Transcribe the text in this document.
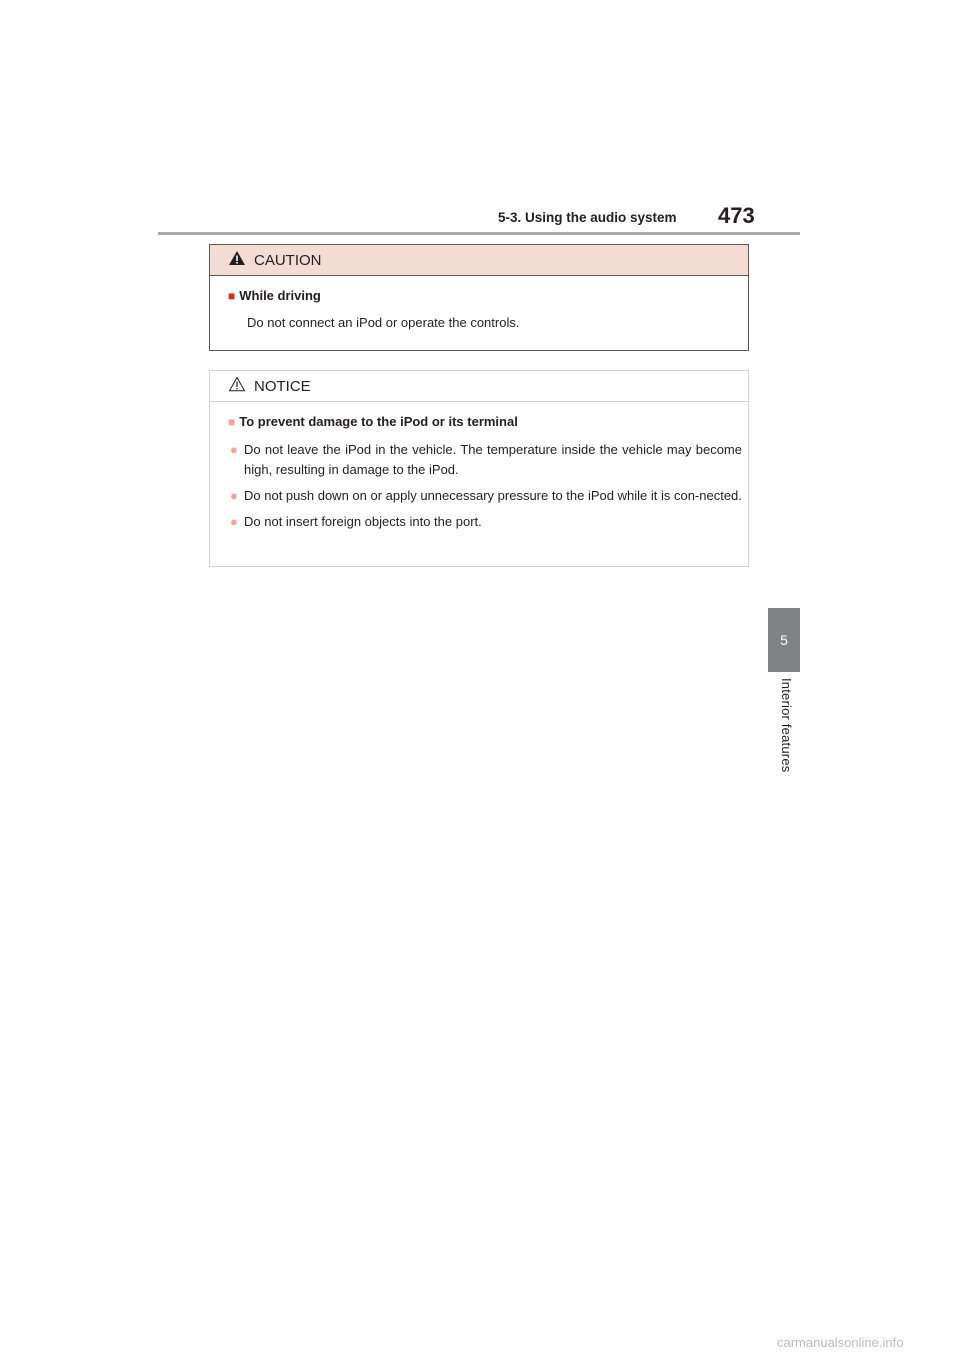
5-3. Using the audio system 473
5
Interior features
CAUTION
■ While driving
Do not connect an iPod or operate the controls.
NOTICE
■ To prevent damage to the iPod or its terminal
● Do not leave the iPod in the vehicle. The temperature inside the vehicle may become high, resulting in damage to the iPod.
● Do not push down on or apply unnecessary pressure to the iPod while it is con-nected.
● Do not insert foreign objects into the port.
carmanualsonline.info
